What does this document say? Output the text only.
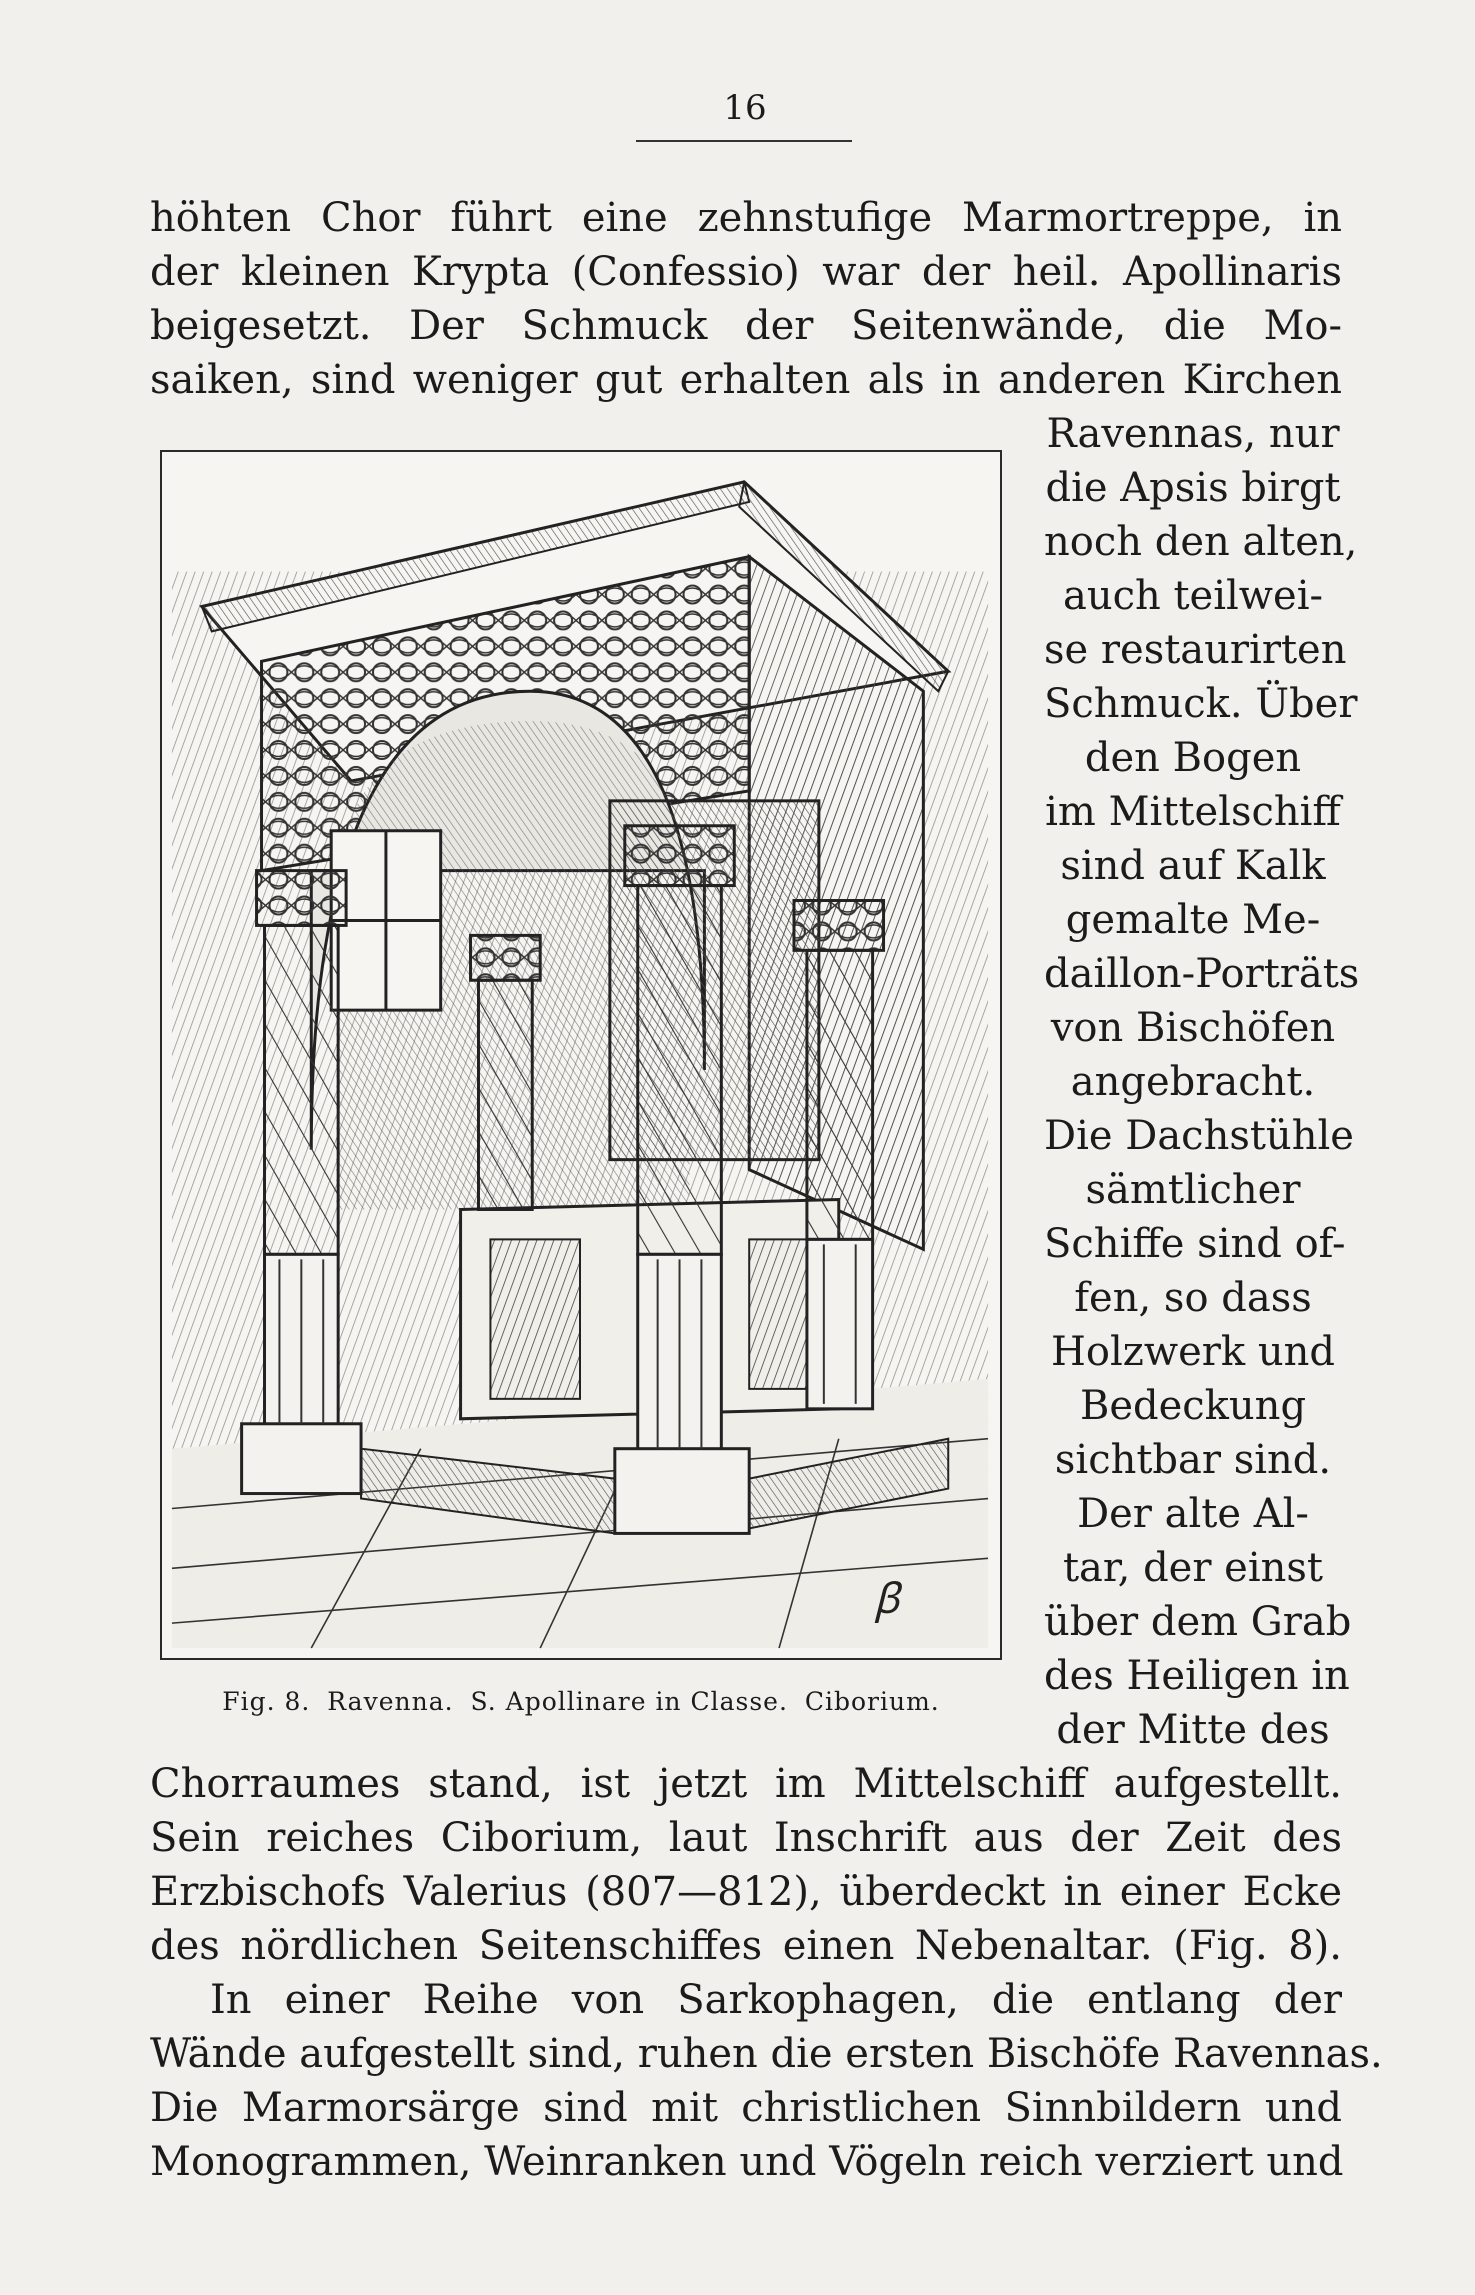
16
höhten Chor führt eine zehnstufige Marmortreppe, in
der kleinen Krypta (Confessio) war der heil. Apollinaris
beigesetzt. Der Schmuck der Seitenwände, die Mo-
saiken, sind weniger gut erhalten als in anderen Kirchen
Ravennas, nur
die Apsis birgt
noch den alten,
auch teilwei-
se restaurirten
Schmuck. Über
den Bogen
im Mittelschiff
sind auf Kalk
gemalte Me-
daillon-Porträts
von Bischöfen
angebracht.
Die Dachstühle
sämtlicher
Schiffe sind of-
fen, so dass
Holzwerk und
Bedeckung
sichtbar sind.
Der alte Al-
tar, der einst
über dem Grab
des Heiligen in
der Mitte des
ꞵ
Fig. 8. Ravenna. S. Apollinare in Classe. Ciborium.
Chorraumes stand, ist jetzt im Mittelschiff aufgestellt.
Sein reiches Ciborium, laut Inschrift aus der Zeit des
Erzbischofs Valerius (807—812), überdeckt in einer Ecke
des nördlichen Seitenschiffes einen Nebenaltar. (Fig. 8).
In einer Reihe von Sarkophagen, die entlang der
Wände aufgestellt sind, ruhen die ersten Bischöfe Ravennas.
Die Marmorsärge sind mit christlichen Sinnbildern und
Monogrammen, Weinranken und Vögeln reich verziert und
